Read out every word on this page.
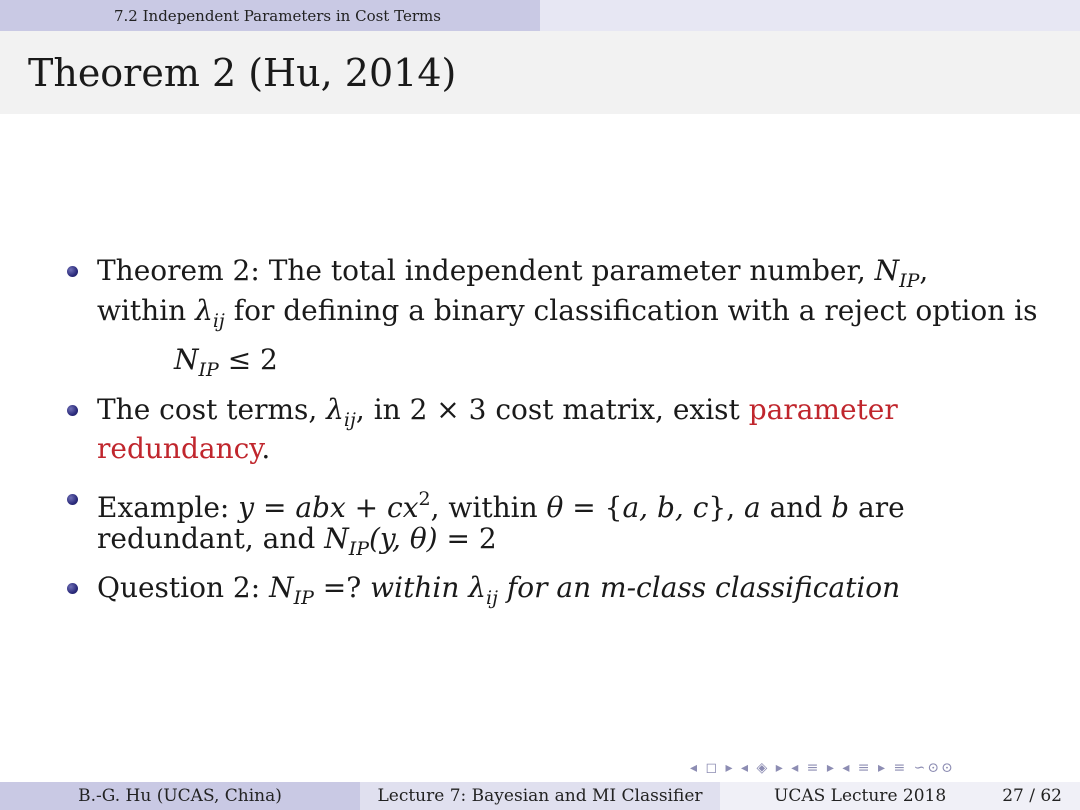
7.2 Independent Parameters in Cost Terms
Theorem 2 (Hu, 2014)
Theorem 2: The total independent parameter number, $N_{IP}$,
within $\lambda_{ij}$ for defining a binary classification with a reject option is
$N_{IP} \le 2$
The cost terms, $\lambda_{ij}$, in 2 × 3 cost matrix, exist parameter
redundancy.
Example: y = abx + $cx^2$, within θ = {a, b, c}, a and b are
redundant, and $N_{IP}(y$, θ) = 2
Question 2: $N_{IP}$ =? within $\lambda_{ij}$ for an m-class classification
◂ ◻ ▸ ◂ ◈ ▸ ◂ ≡ ▸ ◂ ≡ ▸ ≡ ∽⊙⊙
B.-G. Hu (UCAS, China)	Lecture 7: Bayesian and MI Classifier	UCAS Lecture 2018	27 / 62
